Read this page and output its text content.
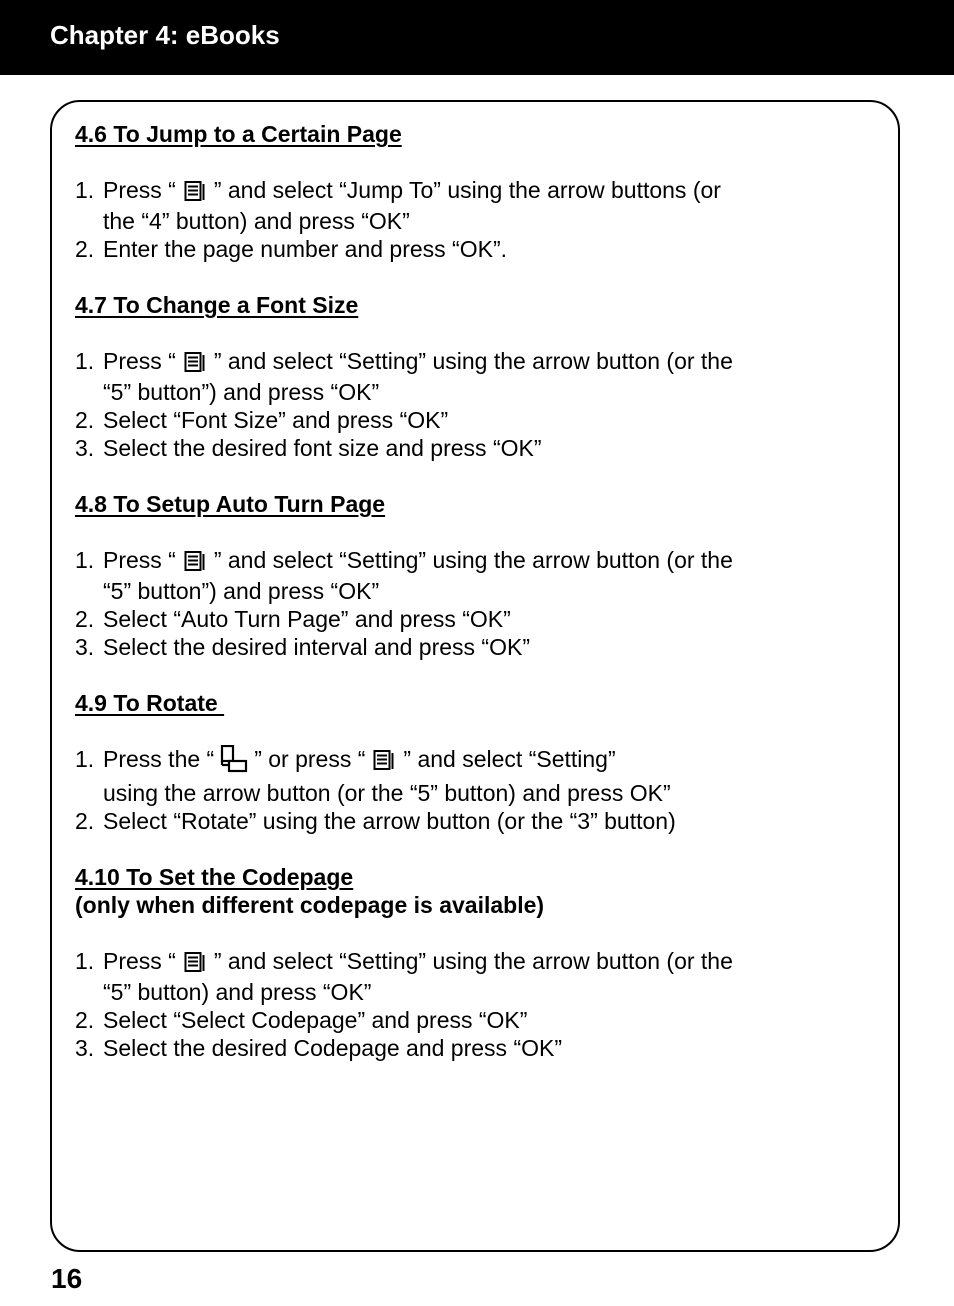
Chapter 4: eBooks
4.6 To Jump to a Certain Page
1. Press “ ” and select “Jump To” using the arrow buttons (or
the “4” button) and press “OK”
2. Enter the page number and press “OK”.
4.7 To Change a Font Size
1. Press “ ” and select “Setting” using the arrow button (or the
“5” button”) and press “OK”
2. Select “Font Size” and press “OK”
3. Select the desired font size and press “OK”
4.8 To Setup Auto Turn Page
1. Press “ ” and select “Setting” using the arrow button (or the
“5” button”) and press “OK”
2. Select “Auto Turn Page” and press “OK”
3. Select the desired interval and press “OK”
4.9 To Rotate
1. Press the “ ” or press “ ” and select “Setting”
using the arrow button (or the “5” button) and press OK”
2. Select “Rotate” using the arrow button (or the “3” button)
4.10 To Set the Codepage
(only when different codepage is available)
1. Press “ ” and select “Setting” using the arrow button (or the
“5” button) and press “OK”
2. Select “Select Codepage” and press “OK”
3. Select the desired Codepage and press “OK”
16
